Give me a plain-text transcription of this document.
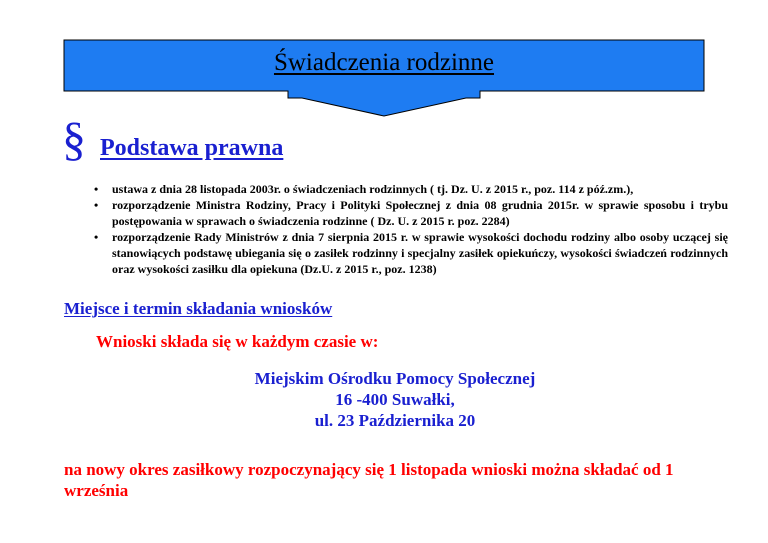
Świadczenia rodzinne
§ Podstawa prawna
• ustawa z dnia 28 listopada 2003r. o świadczeniach rodzinnych ( tj. Dz. U. z 2015 r., poz. 114 z póź.zm.),
• rozporządzenie Ministra Rodziny, Pracy i Polityki Społecznej z dnia 08 grudnia 2015r. w sprawie sposobu i trybu postępowania w sprawach o świadczenia rodzinne ( Dz. U. z 2015 r. poz. 2284)
• rozporządzenie Rady Ministrów z dnia 7 sierpnia 2015 r. w sprawie wysokości dochodu rodziny albo osoby uczącej się stanowiących podstawę ubiegania się o zasiłek rodzinny i specjalny zasiłek opiekuńczy, wysokości świadczeń rodzinnych oraz wysokości zasiłku dla opiekuna (Dz.U. z 2015 r., poz. 1238)
Miejsce i termin składania wniosków
Wnioski składa się w każdym czasie w:
Miejskim Ośrodku Pomocy Społecznej
16 -400 Suwałki,
ul. 23 Października 20
na nowy okres zasiłkowy rozpoczynający się 1 listopada wnioski można składać od 1 września
